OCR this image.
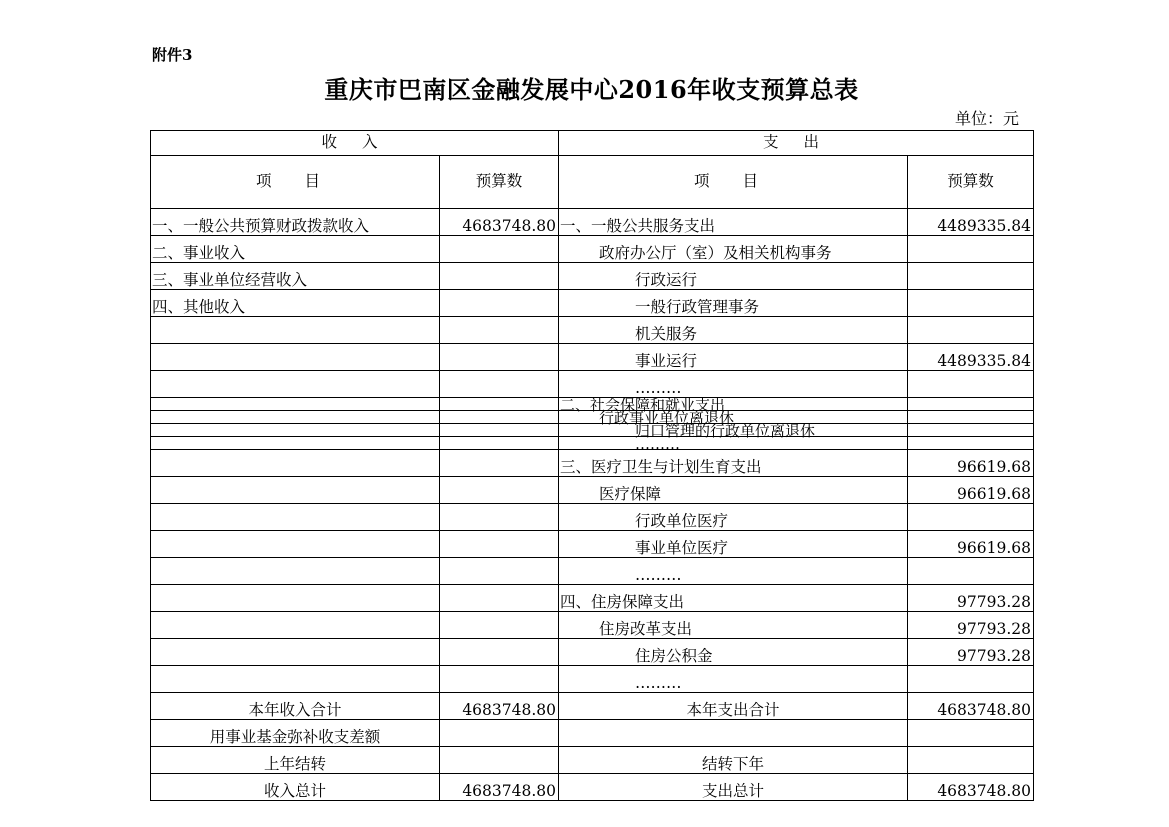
附件3
重庆市巴南区金融发展中心2016年收支预算总表
单位：元
收 入		支 出	
项 目	预算数	项 目	预算数
一、一般公共预算财政拨款收入	4683748.80	一、一般公共服务支出	4489335.84
二、事业收入		政府办公厅（室）及相关机构事务	
三、事业单位经营收入		行政运行	
四、其他收入		一般行政管理事务	
		机关服务	
		事业运行	4489335.84
		………	

		二、社会保障和就业支出	

		行政事业单位离退休	

		归口管理的行政单位离退休	

		………	

		三、医疗卫生与计划生育支出	96619.68
		医疗保障	96619.68
		行政单位医疗	
		事业单位医疗	96619.68
		………	
		四、住房保障支出	97793.28
		住房改革支出	97793.28
		住房公积金	97793.28
		………	
本年收入合计	4683748.80	本年支出合计	4683748.80
用事业基金弥补收支差额			
上年结转		结转下年	
收入总计	4683748.80	支出总计	4683748.80
